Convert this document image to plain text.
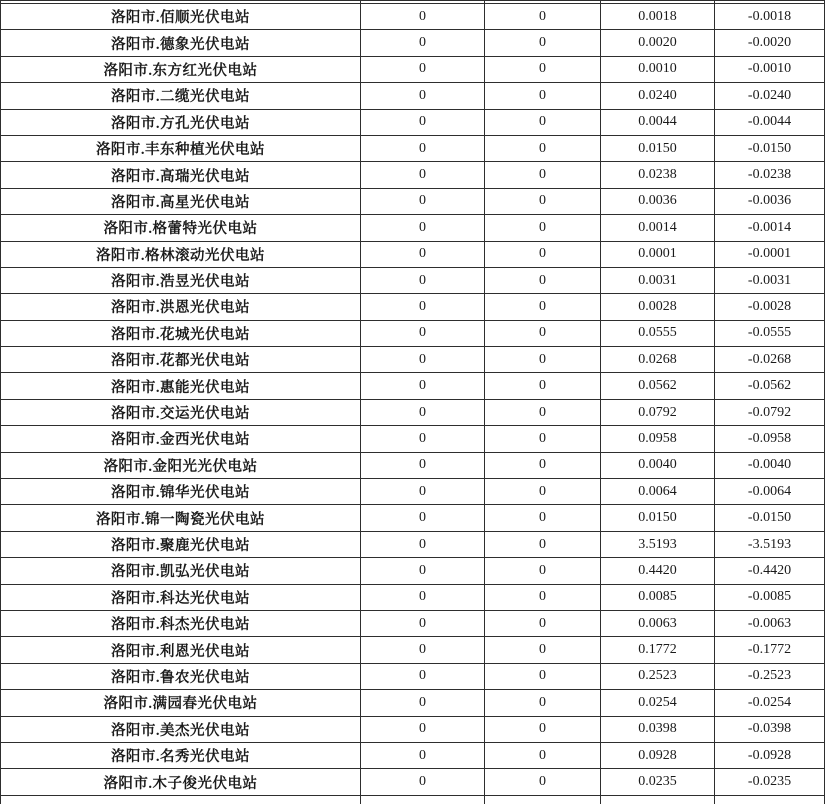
洛阳市.佰顺光伏电站	0	0	0.0018	-0.0018
洛阳市.德象光伏电站	0	0	0.0020	-0.0020
洛阳市.东方红光伏电站	0	0	0.0010	-0.0010
洛阳市.二缆光伏电站	0	0	0.0240	-0.0240
洛阳市.方孔光伏电站	0	0	0.0044	-0.0044
洛阳市.丰东种植光伏电站	0	0	0.0150	-0.0150
洛阳市.高瑞光伏电站	0	0	0.0238	-0.0238
洛阳市.高星光伏电站	0	0	0.0036	-0.0036
洛阳市.格蕾特光伏电站	0	0	0.0014	-0.0014
洛阳市.格林滚动光伏电站	0	0	0.0001	-0.0001
洛阳市.浩昱光伏电站	0	0	0.0031	-0.0031
洛阳市.洪恩光伏电站	0	0	0.0028	-0.0028
洛阳市.花城光伏电站	0	0	0.0555	-0.0555
洛阳市.花都光伏电站	0	0	0.0268	-0.0268
洛阳市.惠能光伏电站	0	0	0.0562	-0.0562
洛阳市.交运光伏电站	0	0	0.0792	-0.0792
洛阳市.金西光伏电站	0	0	0.0958	-0.0958
洛阳市.金阳光光伏电站	0	0	0.0040	-0.0040
洛阳市.锦华光伏电站	0	0	0.0064	-0.0064
洛阳市.锦一陶瓷光伏电站	0	0	0.0150	-0.0150
洛阳市.聚鹿光伏电站	0	0	3.5193	-3.5193
洛阳市.凯弘光伏电站	0	0	0.4420	-0.4420
洛阳市.科达光伏电站	0	0	0.0085	-0.0085
洛阳市.科杰光伏电站	0	0	0.0063	-0.0063
洛阳市.利恩光伏电站	0	0	0.1772	-0.1772
洛阳市.鲁农光伏电站	0	0	0.2523	-0.2523
洛阳市.满园春光伏电站	0	0	0.0254	-0.0254
洛阳市.美杰光伏电站	0	0	0.0398	-0.0398
洛阳市.名秀光伏电站	0	0	0.0928	-0.0928
洛阳市.木子俊光伏电站	0	0	0.0235	-0.0235
